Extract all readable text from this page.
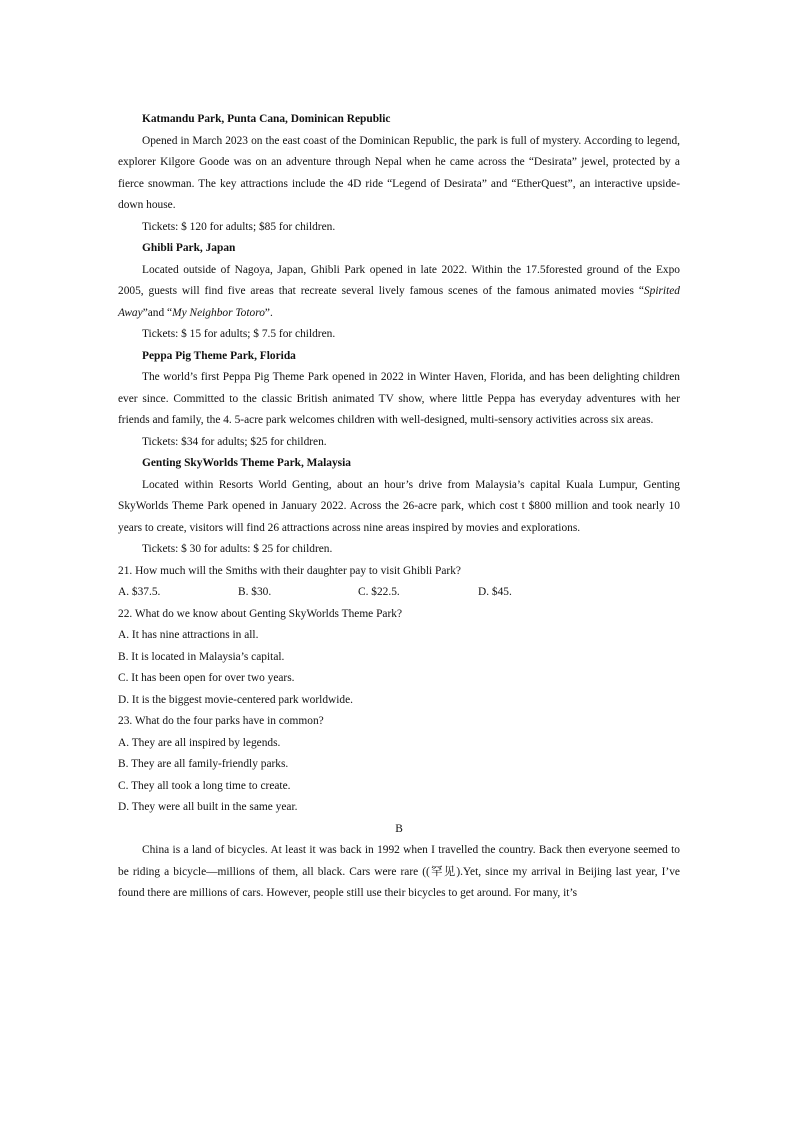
Katmandu Park, Punta Cana, Dominican Republic

Opened in March 2023 on the east coast of the Dominican Republic, the park is full of mystery. According to legend, explorer Kilgore Goode was on an adventure through Nepal when he came across the “Desirata” jewel, protected by a fierce snowman. The key attractions include the 4D ride “Legend of Desirata” and “EtherQuest”, an interactive upside-down house.

Tickets: $ 120 for adults; $85 for children.

Ghibli Park, Japan

Located outside of Nagoya, Japan, Ghibli Park opened in late 2022. Within the 17.5forested ground of the Expo 2005, guests will find five areas that recreate several lively famous scenes of the famous animated movies “Spirited Away”and “My Neighbor Totoro”.

Tickets: $ 15 for adults; $ 7.5 for children.

Peppa Pig Theme Park, Florida

The world’s first Peppa Pig Theme Park opened in 2022 in Winter Haven, Florida, and has been delighting children ever since. Committed to the classic British animated TV show, where little Peppa has everyday adventures with her friends and family, the 4. 5-acre park welcomes children with well-designed, multi-sensory activities across six areas.

Tickets: $34 for adults; $25 for children.

Genting SkyWorlds Theme Park, Malaysia

Located within Resorts World Genting, about an hour’s drive from Malaysia’s capital Kuala Lumpur, Genting SkyWorlds Theme Park opened in January 2022. Across the 26-acre park, which cost t $800 million and took nearly 10 years to create, visitors will find 26 attractions across nine areas inspired by movies and explorations.

Tickets: $ 30 for adults: $ 25 for children.

21. How much will the Smiths with their daughter pay to visit Ghibli Park?

A. $37.5.	B. $30.	C. $22.5.	D. $45.

22. What do we know about Genting SkyWorlds Theme Park?

A. It has nine attractions in all.

B. It is located in Malaysia’s capital.

C. It has been open for over two years.

D. It is the biggest movie-centered park worldwide.

23. What do the four parks have in common?

A. They are all inspired by legends.

B. They are all family-friendly parks.

C. They all took a long time to create.

D. They were all built in the same year.

B

China is a land of bicycles. At least it was back in 1992 when I travelled the country. Back then everyone seemed to be riding a bicycle—millions of them, all black. Cars were rare ((罕见).Yet, since my arrival in Beijing last year, I’ve found there are millions of cars. However, people still use their bicycles to get around. For many, it’s
